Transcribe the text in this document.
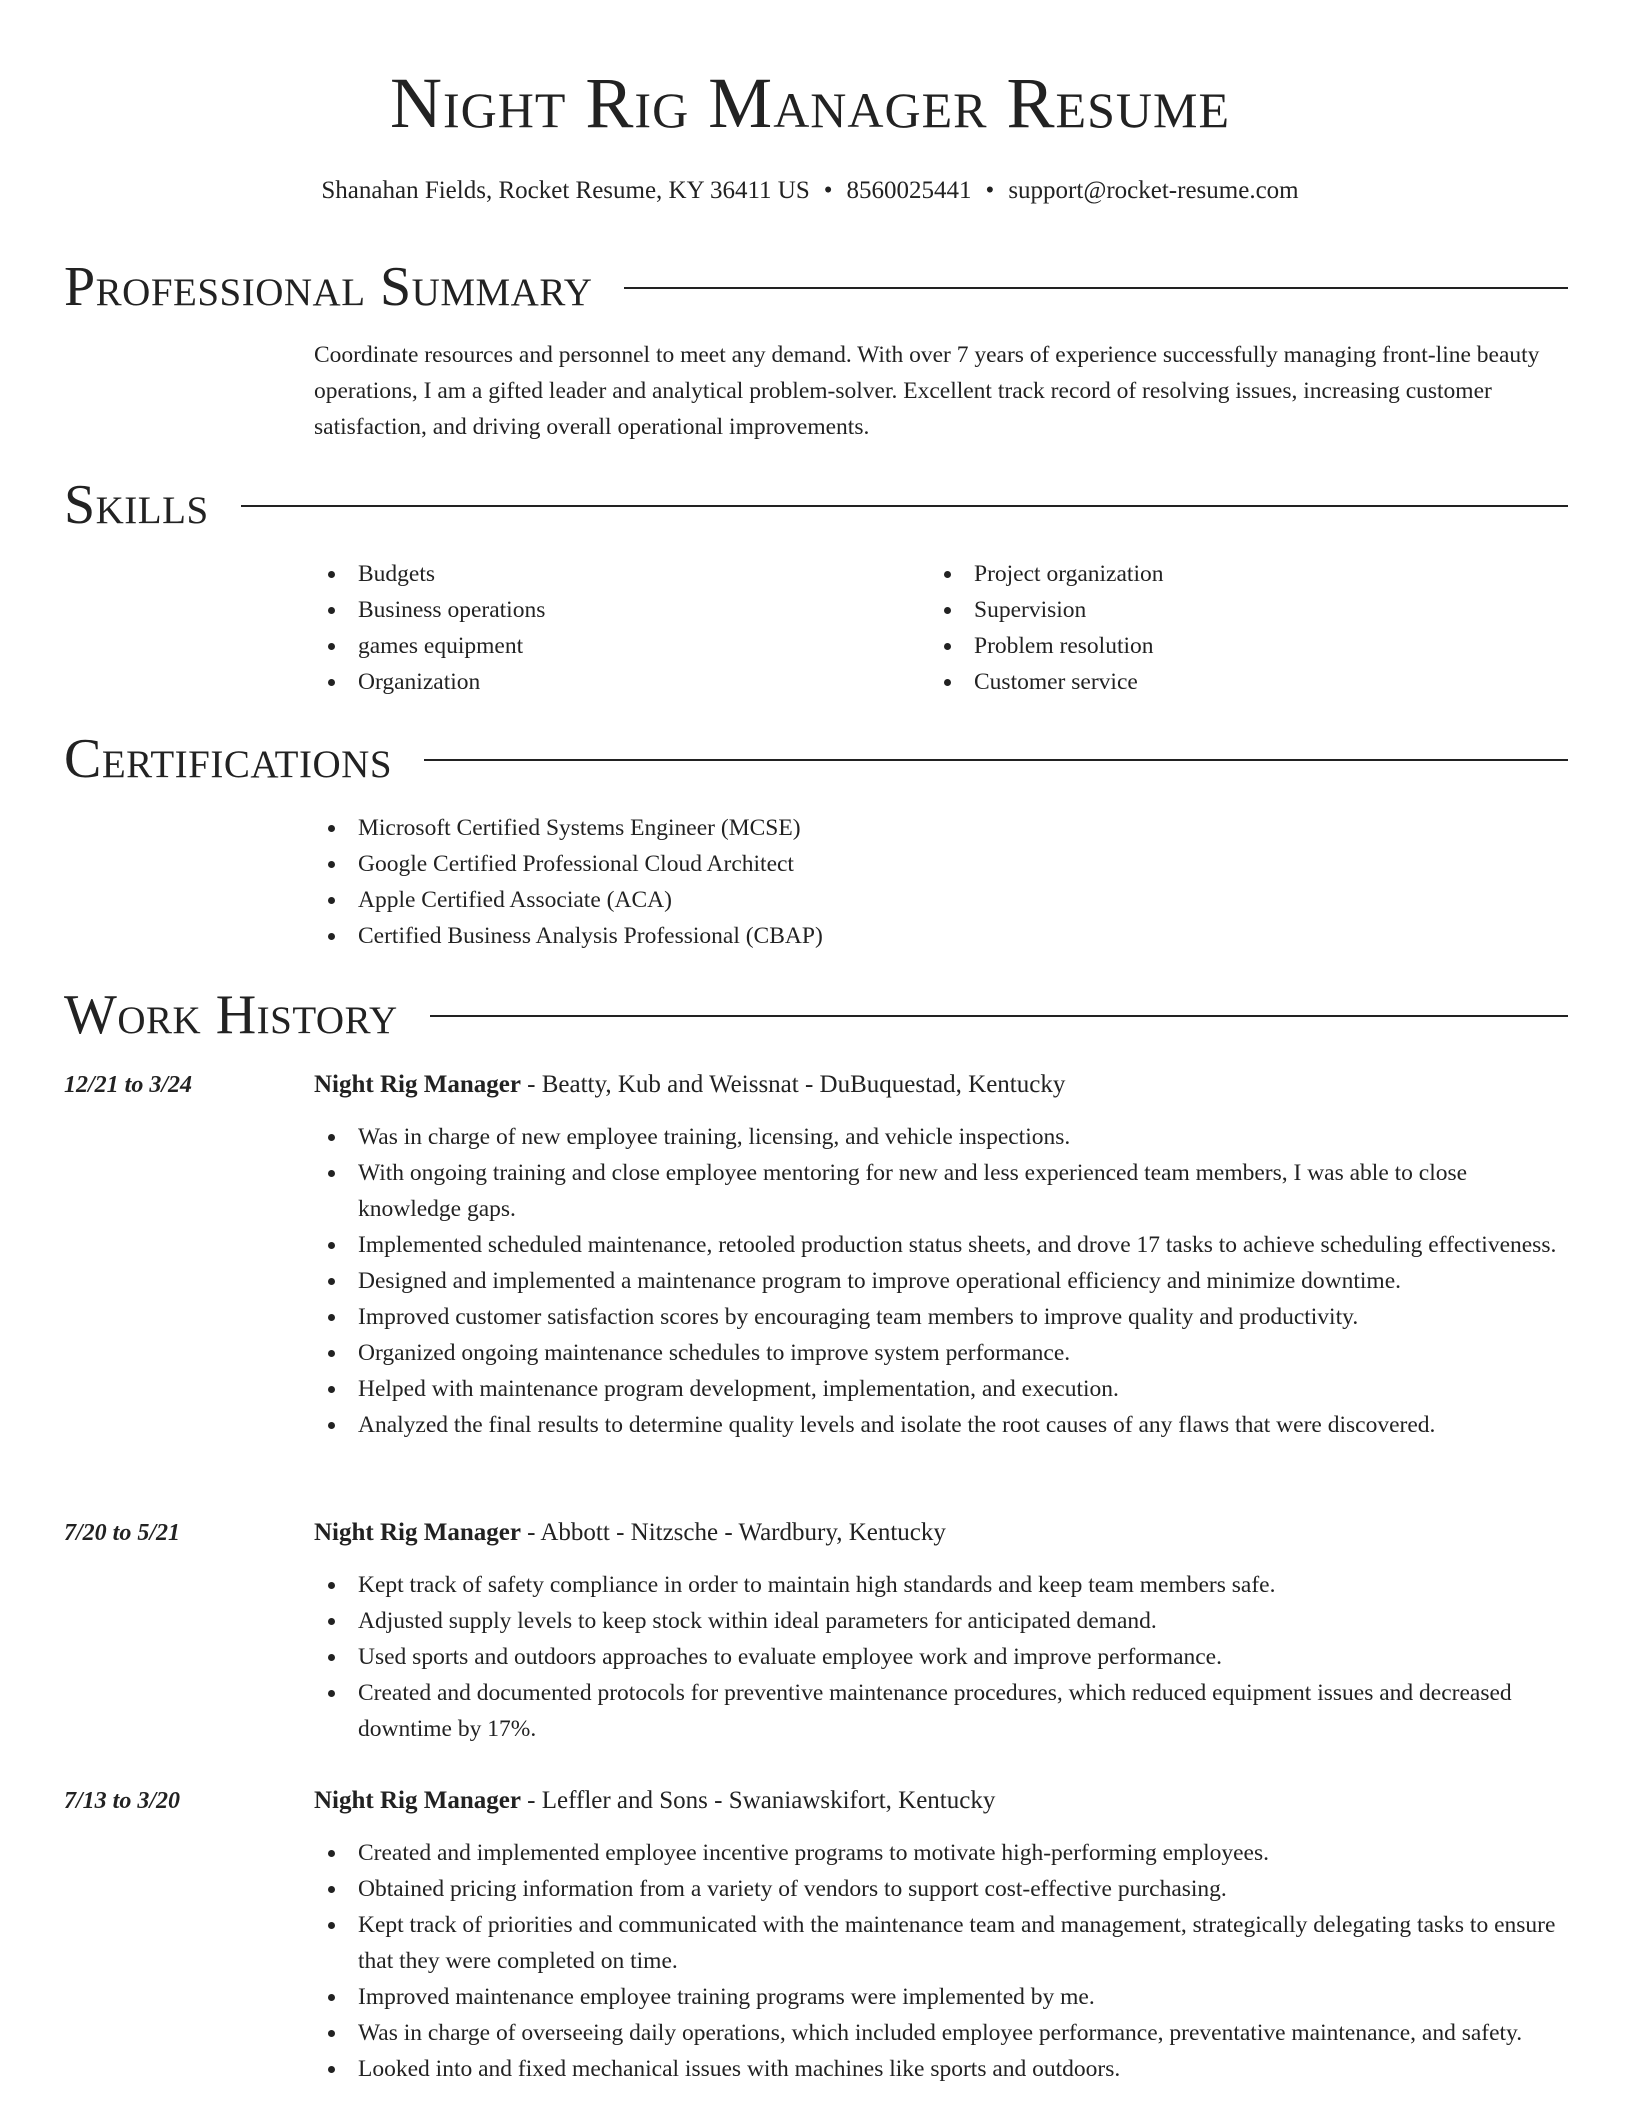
Night Rig Manager Resume
Shanahan Fields, Rocket Resume, KY 36411 US • 8560025441 • support@rocket-resume.com
Professional Summary

Coordinate resources and personnel to meet any demand. With over 7 years of experience successfully managing front-line beauty operations, I am a gifted leader and analytical problem-solver. Excellent track record of resolving issues, increasing customer satisfaction, and driving overall operational improvements.

Skills
Budgets
Business operations
games equipment
Organization
Project organization
Supervision
Problem resolution
Customer service
Certifications
Microsoft Certified Systems Engineer (MCSE)
Google Certified Professional Cloud Architect
Apple Certified Associate (ACA)
Certified Business Analysis Professional (CBAP)
Work History
12/21 to 3/24	Night Rig Manager - Beatty, Kub and Weissnat - DuBuquestad, Kentucky
Was in charge of new employee training, licensing, and vehicle inspections.
With ongoing training and close employee mentoring for new and less experienced team members, I was able to close knowledge gaps.
Implemented scheduled maintenance, retooled production status sheets, and drove 17 tasks to achieve scheduling effectiveness.
Designed and implemented a maintenance program to improve operational efficiency and minimize downtime.
Improved customer satisfaction scores by encouraging team members to improve quality and productivity.
Organized ongoing maintenance schedules to improve system performance.
Helped with maintenance program development, implementation, and execution.
Analyzed the final results to determine quality levels and isolate the root causes of any flaws that were discovered.
7/20 to 5/21	Night Rig Manager - Abbott - Nitzsche - Wardbury, Kentucky
Kept track of safety compliance in order to maintain high standards and keep team members safe.
Adjusted supply levels to keep stock within ideal parameters for anticipated demand.
Used sports and outdoors approaches to evaluate employee work and improve performance.
Created and documented protocols for preventive maintenance procedures, which reduced equipment issues and decreased downtime by 17%.
7/13 to 3/20	Night Rig Manager - Leffler and Sons - Swaniawskifort, Kentucky
Created and implemented employee incentive programs to motivate high-performing employees.
Obtained pricing information from a variety of vendors to support cost-effective purchasing.
Kept track of priorities and communicated with the maintenance team and management, strategically delegating tasks to ensure that they were completed on time.
Improved maintenance employee training programs were implemented by me.
Was in charge of overseeing daily operations, which included employee performance, preventative maintenance, and safety.
Looked into and fixed mechanical issues with machines like sports and outdoors.
